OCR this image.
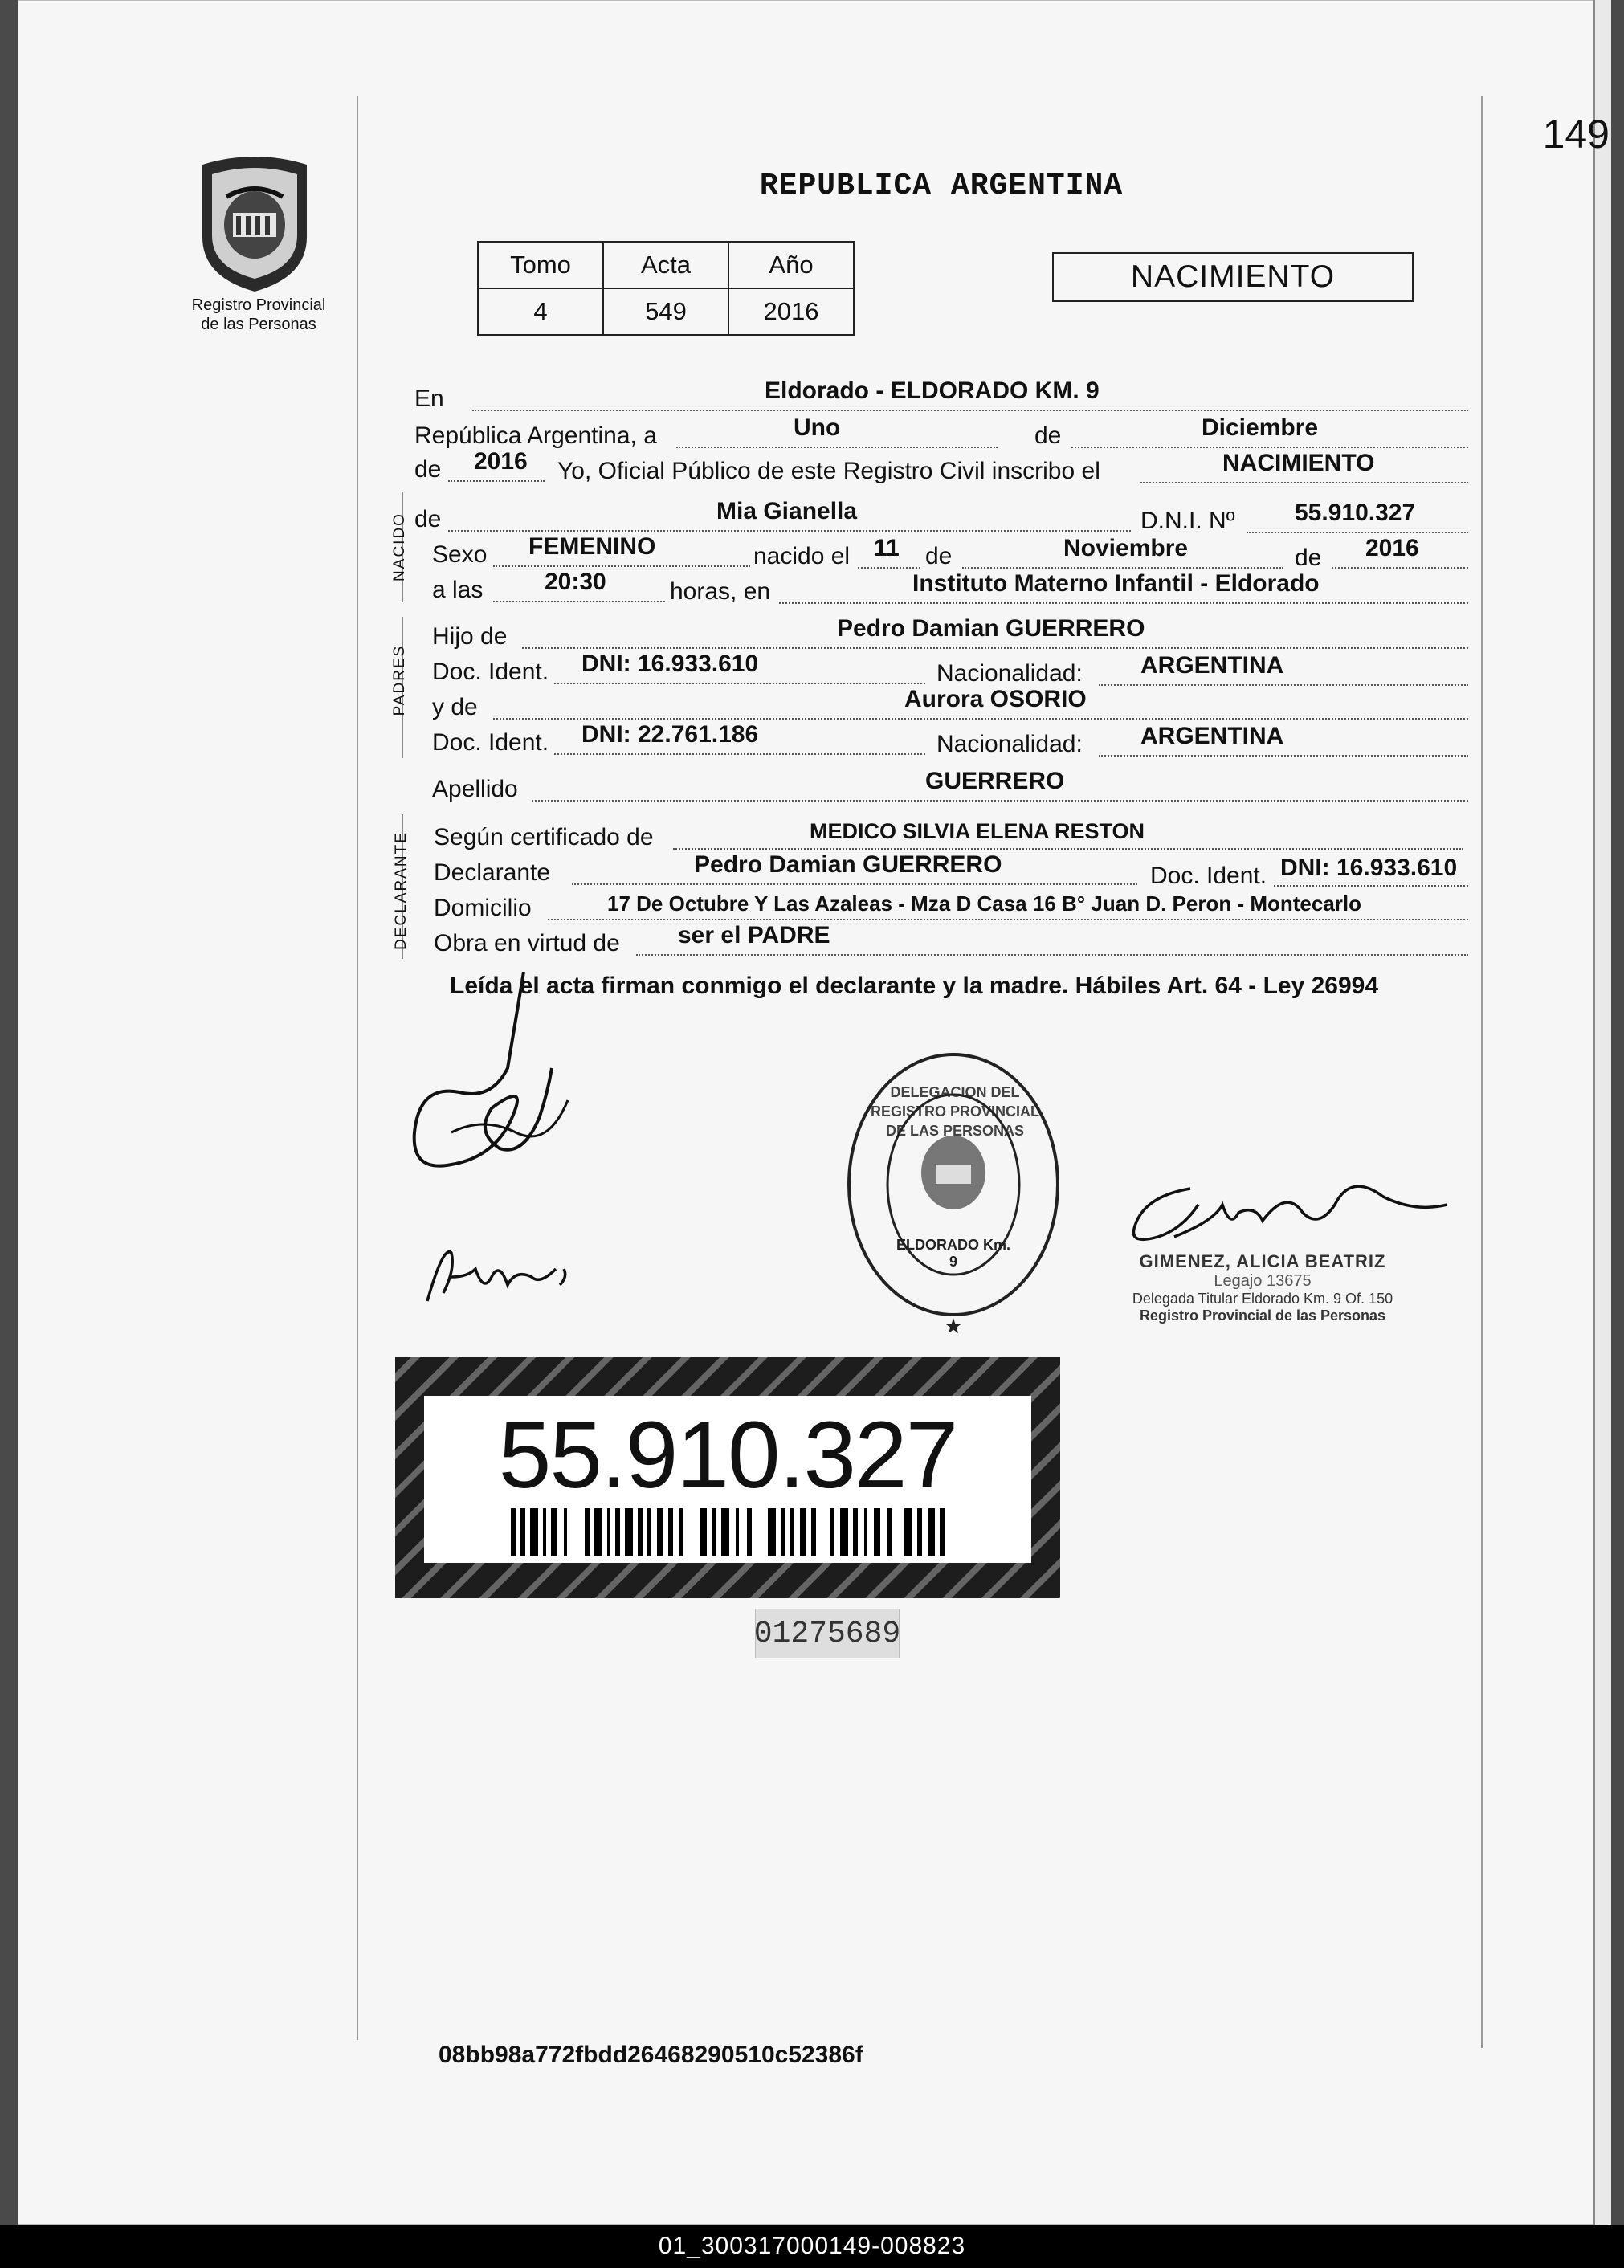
149
Registro Provincial
de las Personas
REPUBLICA ARGENTINA
Tomo	Acta	Año
4	549	2016
NACIMIENTO
En	Eldorado - ELDORADO KM. 9
República Argentina, a	Uno	de	Diciembre
de 2016 Yo, Oficial Público de este Registro Civil inscribo el	NACIMIENTO
NACIDO de	Mia Gianella	D.N.I. Nº 55.910.327
Sexo FEMENINO	nacido el 11 de	Noviembre	de 2016
a las	20:30	horas, en	Instituto Materno Infantil - Eldorado
PADRES
Hijo de	Pedro Damian GUERRERO
Doc. Ident. DNI: 16.933.610	Nacionalidad: ARGENTINA
y de	Aurora OSORIO
Doc. Ident. DNI: 22.761.186	Nacionalidad: ARGENTINA
Apellido	GUERRERO
DECLARANTE Según certificado de	MEDICO SILVIA ELENA RESTON
Declarante	Pedro Damian GUERRERO	Doc. Ident. DNI: 16.933.610
Domicilio	17 De Octubre Y Las Azaleas - Mza D Casa 16 B° Juan D. Peron - Montecarlo
Obra en virtud de ser el PADRE
Leída el acta firman conmigo el declarante y la madre. Hábiles Art. 64 - Ley 26994
★
DELEGACION DEL REGISTRO PROVINCIAL DE LAS PERSONAS
ELDORADO Km. 9	GIMENEZ, ALICIA BEATRIZ
Legajo 13675
Delegada Titular Eldorado Km. 9 Of. 150
Registro Provincial de las Personas
55.910.327
01275689
08bb98a772fbdd26468290510c52386f
01_300317000149-008823
